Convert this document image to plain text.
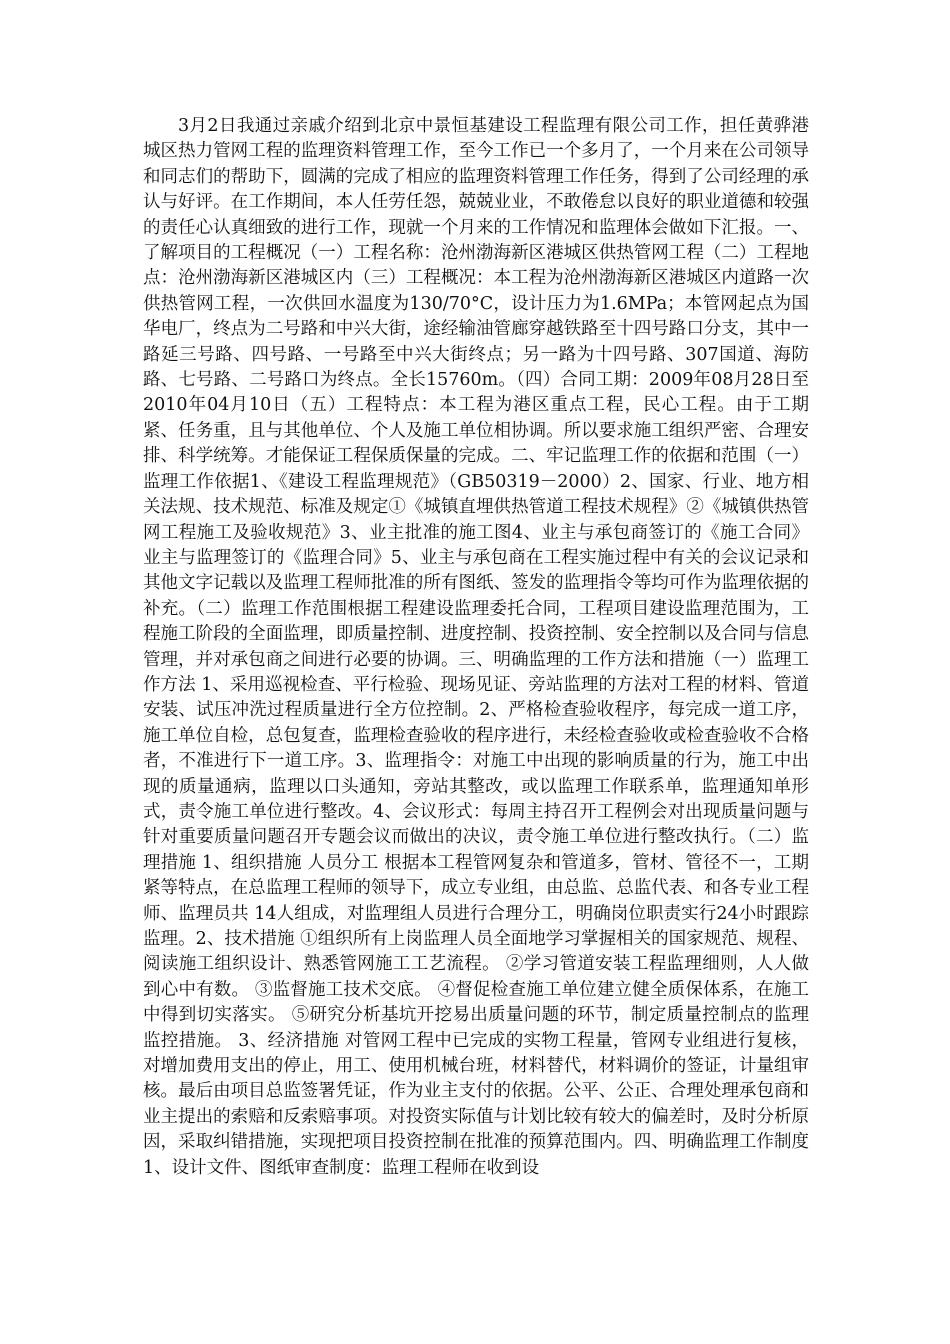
3月2日我通过亲戚介绍到北京中景恒基建设工程监理有限公司工作，担任黄骅港城区热力管网工程的监理资料管理工作，至今工作已一个多月了，一个月来在公司领导和同志们的帮助下，圆满的完成了相应的监理资料管理工作任务，得到了公司经理的承认与好评。在工作期间，本人任劳任怨，兢兢业业，不敢倦怠以良好的职业道德和较强的责任心认真细致的进行工作，现就一个月来的工作情况和监理体会做如下汇报。一、了解项目的工程概况（一）工程名称：沧州渤海新区港城区供热管网工程（二）工程地点：沧州渤海新区港城区内（三）工程概况：本工程为沧州渤海新区港城区内道路一次供热管网工程，一次供回水温度为130/70°C，设计压力为1.6MPa；本管网起点为国华电厂，终点为二号路和中兴大街，途经输油管廊穿越铁路至十四号路口分支，其中一路延三号路、四号路、一号路至中兴大街终点；另一路为十四号路、307国道、海防路、七号路、二号路口为终点。全长15760m。（四）合同工期：2009年08月28日至2010年04月10日（五）工程特点：本工程为港区重点工程，民心工程。由于工期紧、任务重，且与其他单位、个人及施工单位相协调。所以要求施工组织严密、合理安排、科学统筹。才能保证工程保质保量的完成。二、牢记监理工作的依据和范围（一）监理工作依据1、《建设工程监理规范》（GB50319－2000）2、国家、行业、地方相关法规、技术规范、标准及规定①《城镇直埋供热管道工程技术规程》②《城镇供热管网工程施工及验收规范》3、业主批准的施工图4、业主与承包商签订的《施工合同》业主与监理签订的《监理合同》5、业主与承包商在工程实施过程中有关的会议记录和其他文字记载以及监理工程师批准的所有图纸、签发的监理指令等均可作为监理依据的补充。（二）监理工作范围根据工程建设监理委托合同，工程项目建设监理范围为，工程施工阶段的全面监理，即质量控制、进度控制、投资控制、安全控制以及合同与信息管理，并对承包商之间进行必要的协调。三、明确监理的工作方法和措施（一）监理工作方法 1、采用巡视检查、平行检验、现场见证、旁站监理的方法对工程的材料、管道安装、试压冲洗过程质量进行全方位控制。2、严格检查验收程序，每完成一道工序，施工单位自检，总包复查，监理检查验收的程序进行，未经检查验收或检查验收不合格者，不准进行下一道工序。3、监理指令：对施工中出现的影响质量的行为，施工中出现的质量通病，监理以口头通知，旁站其整改，或以监理工作联系单，监理通知单形式，责令施工单位进行整改。4、会议形式：每周主持召开工程例会对出现质量问题与针对重要质量问题召开专题会议而做出的决议，责令施工单位进行整改执行。（二）监理措施 1、组织措施 人员分工 根据本工程管网复杂和管道多，管材、管径不一，工期紧等特点，在总监理工程师的领导下，成立专业组，由总监、总监代表、和各专业工程师、监理员共 14人组成，对监理组人员进行合理分工，明确岗位职责实行24小时跟踪监理。2、技术措施 ①组织所有上岗监理人员全面地学习掌握相关的国家规范、规程、阅读施工组织设计、熟悉管网施工工艺流程。 ②学习管道安装工程监理细则，人人做到心中有数。 ③监督施工技术交底。 ④督促检查施工单位建立健全质保体系，在施工中得到切实落实。 ⑤研究分析基坑开挖易出质量问题的环节，制定质量控制点的监理监控措施。 3、经济措施 对管网工程中已完成的实物工程量，管网专业组进行复核，对增加费用支出的停止，用工、使用机械台班，材料替代，材料调价的签证，计量组审核。最后由项目总监签署凭证，作为业主支付的依据。公平、公正、合理处理承包商和业主提出的索赔和反索赔事项。对投资实际值与计划比较有较大的偏差时，及时分析原因，采取纠错措施，实现把项目投资控制在批准的预算范围内。四、明确监理工作制度1、设计文件、图纸审查制度：监理工程师在收到设
